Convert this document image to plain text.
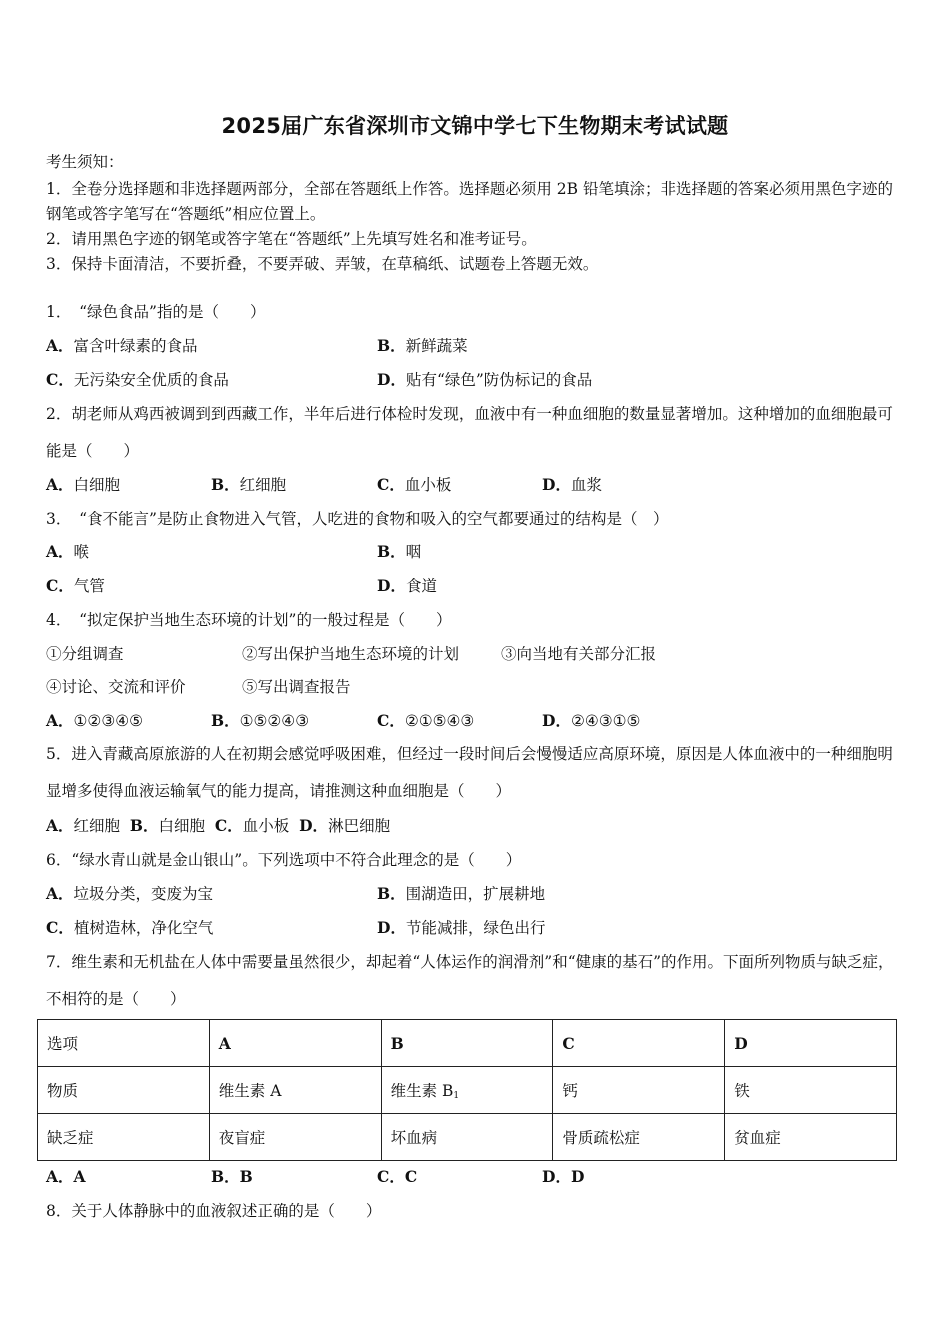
2025届广东省深圳市文锦中学七下生物期末考试试题
考生须知：
1．全卷分选择题和非选择题两部分，全部在答题纸上作答。选择题必须用 2B 铅笔填涂；非选择题的答案必须用黑色字迹的钢笔或答字笔写在“答题纸”相应位置上。
2．请用黑色字迹的钢笔或答字笔在“答题纸”上先填写姓名和准考证号。
3．保持卡面清洁，不要折叠，不要弄破、弄皱，在草稿纸、试题卷上答题无效。
1．　“绿色食品”指的是（　　）
A．富含叶绿素的食品	B．新鲜蔬菜
C．无污染安全优质的食品	D．贴有“绿色”防伪标记的食品
2．胡老师从鸡西被调到到西藏工作，半年后进行体检时发现，血液中有一种血细胞的数量显著增加。这种增加的血细胞最可能是（　　）
A．白细胞	B．红细胞	C．血小板	D．血浆
3．　“食不能言”是防止食物进入气管，人吃进的食物和吸入的空气都要通过的结构是（　）
A．喉	B．咽
C．气管	D．食道
4．　“拟定保护当地生态环境的计划”的一般过程是（　　）
①分组调查	②写出保护当地生态环境的计划	③向当地有关部分汇报
④讨论、交流和评价	⑤写出调查报告
A．①②③④⑤	B．①⑤②④③	C．②①⑤④③	D．②④③①⑤
5．进入青藏高原旅游的人在初期会感觉呼吸困难，但经过一段时间后会慢慢适应高原环境，原因是人体血液中的一种细胞明显增多使得血液运输氧气的能力提高，请推测这种血细胞是（　　）
A．红细胞 B．白细胞 C．血小板 D．淋巴细胞
6．“绿水青山就是金山银山”。下列选项中不符合此理念的是（　　）
A．垃圾分类，变废为宝	B．围湖造田，扩展耕地
C．植树造林，净化空气	D．节能减排，绿色出行
7．维生素和无机盐在人体中需要量虽然很少，却起着“人体运作的润滑剂”和“健康的基石”的作用。下面所列物质与缺乏症，不相符的是（　　）
选项	A	B	C	D
物质	维生素 A	维生素 $B_1$	钙	铁
缺乏症	夜盲症	坏血病	骨质疏松症	贫血症
A．A	B．B	C．C	D．D
8．关于人体静脉中的血液叙述正确的是（　　）
